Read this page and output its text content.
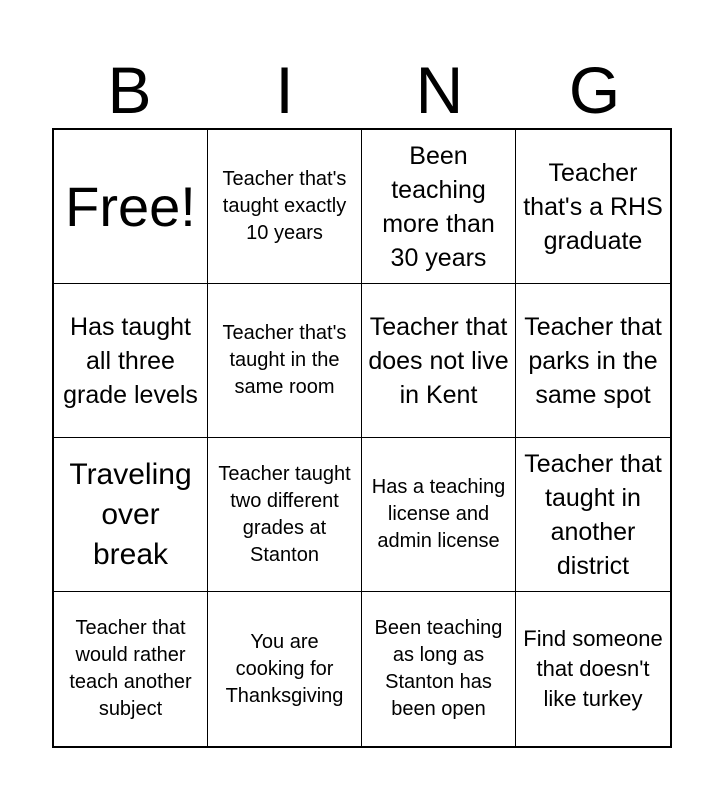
B	I	N	G
Free!	Teacher that's taught exactly 10 years
Been teaching more than 30 years
Teacher that's a RHS graduate
Has taught all three grade levels
Teacher that's taught in the same room
Teacher that does not live in Kent
Teacher that parks in the same spot
Traveling over break
Teacher taught two different grades at Stanton
Has a teaching license and admin license
Teacher that taught in another district
Teacher that would rather teach another subject
You are cooking for Thanksgiving
Been teaching as long as Stanton has been open
Find someone that doesn't like turkey
